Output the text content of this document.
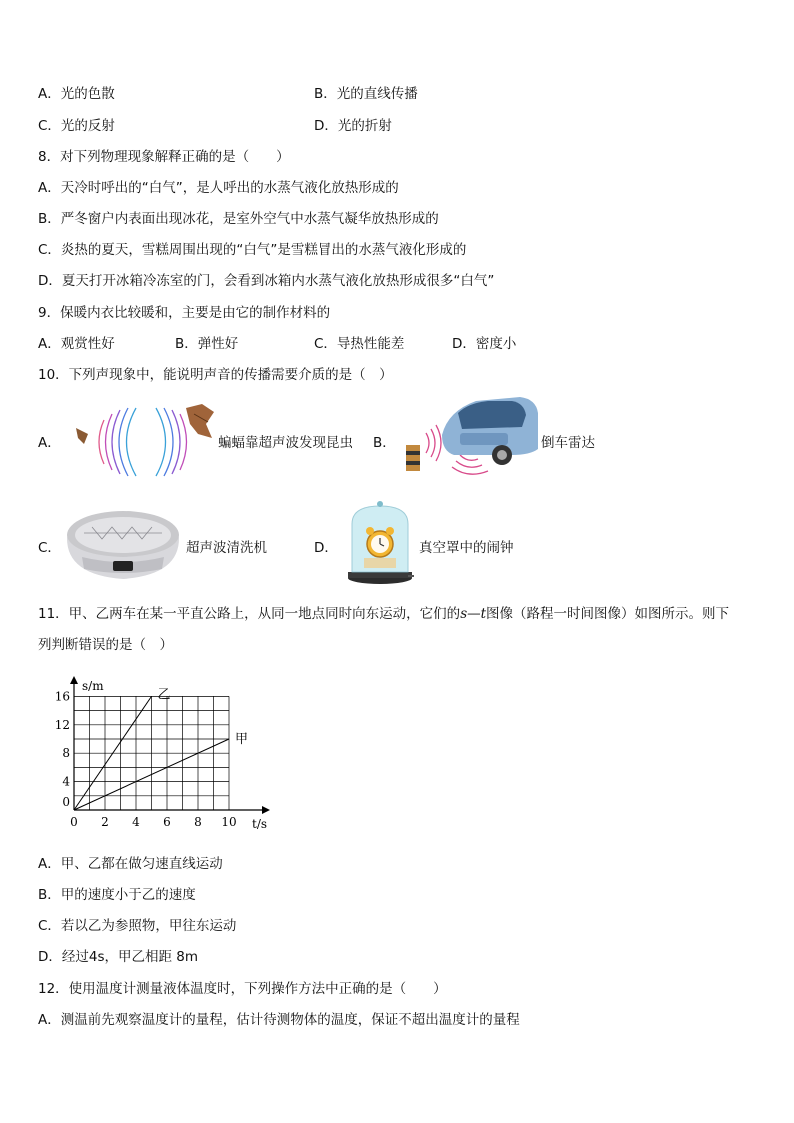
A．光的色散	B．光的直线传播
C．光的反射	D．光的折射
8．对下列物理现象解释正确的是（　　）
A．天冷时呼出的“白气”，是人呼出的水蒸气液化放热形成的
B．严冬窗户内表面出现冰花，是室外空气中水蒸气凝华放热形成的
C．炎热的夏天，雪糕周围出现的“白气”是雪糕冒出的水蒸气液化形成的
D．夏天打开冰箱冷冻室的门，会看到冰箱内水蒸气液化放热形成很多“白气”
9．保暖内衣比较暖和，主要是由它的制作材料的
A．观赏性好	B．弹性好	C．导热性能差	D．密度小
10．下列声现象中，能说明声音的传播需要介质的是（　）
A．	蝙蝠靠超声波发现昆虫 B．	倒车雷达
C．	超声波清洗机	D．	真空罩中的闹钟
11．甲、乙两车在某一平直公路上，从同一地点同时向东运动，它们的s—t图像（路程一时间图像）如图所示。则下
列判断错误的是（　）
0 2 4 6 8 10
4
8
12
16
0
乙
甲
s/m
t/s
A．甲、乙都在做匀速直线运动
B．甲的速度小于乙的速度
C．若以乙为参照物，甲往东运动
D．经过4s，甲乙相距 8m
12．使用温度计测量液体温度时，下列操作方法中正确的是（　　）
A．测温前先观察温度计的量程，估计待测物体的温度，保证不超出温度计的量程
